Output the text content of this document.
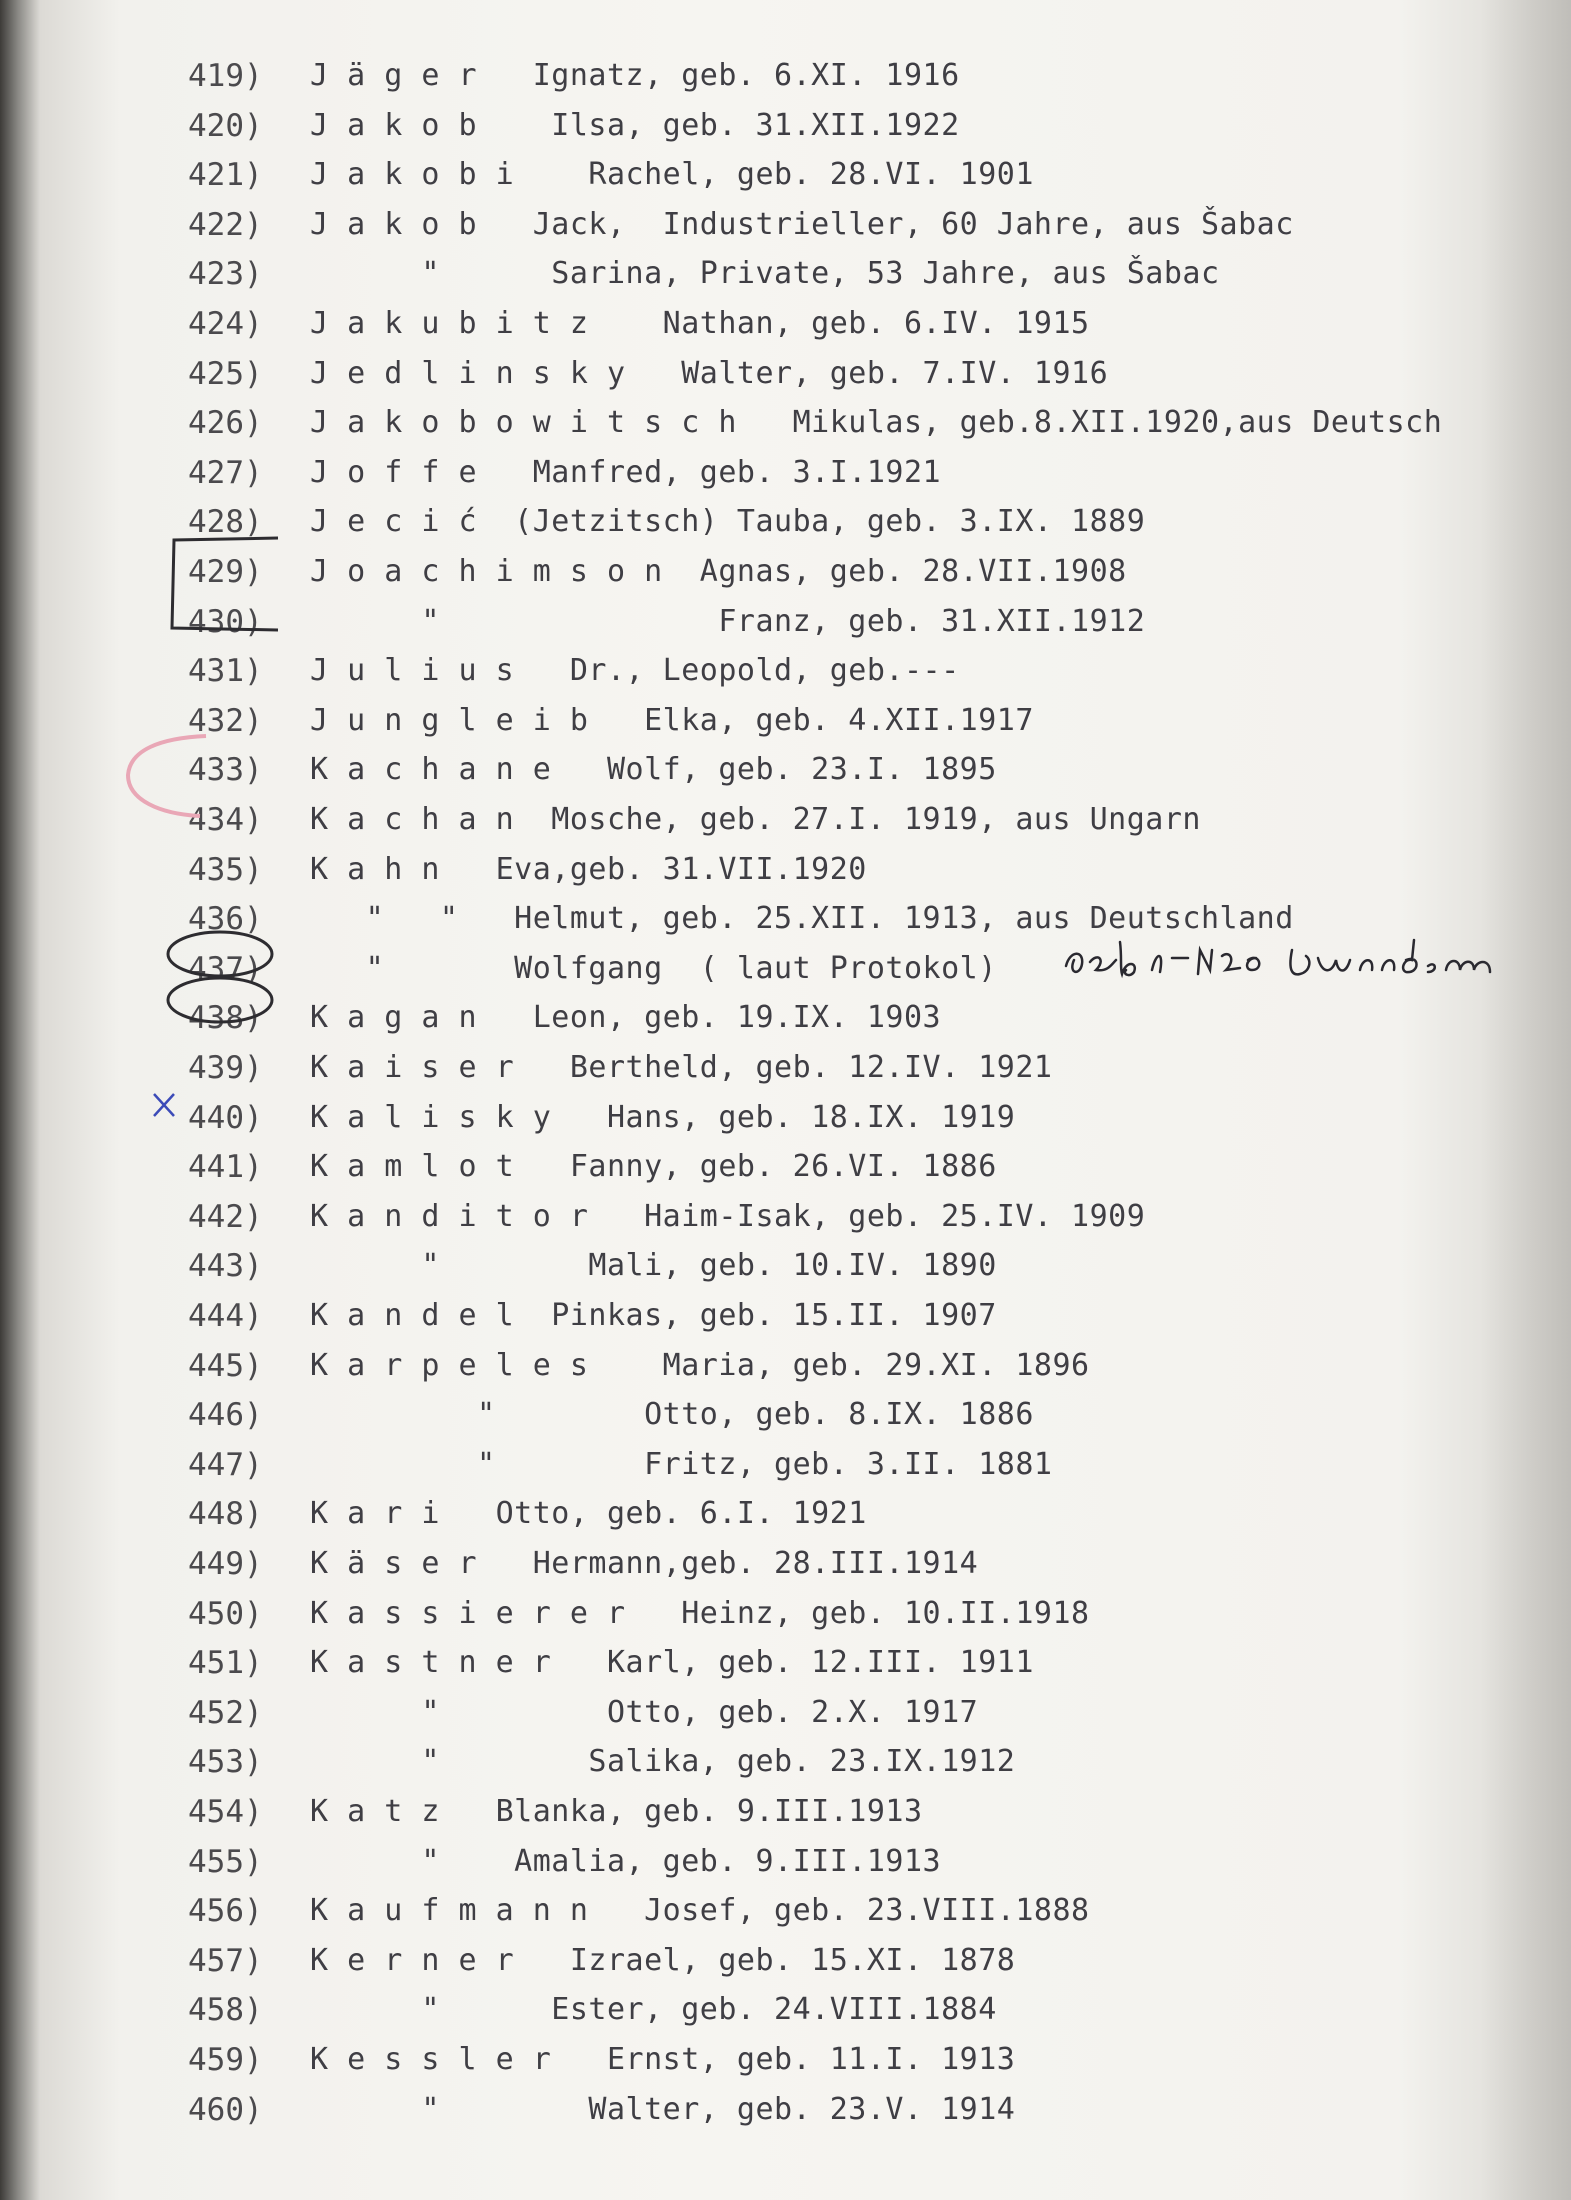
419) J ä g e r   Ignatz, geb. 6.XI. 1916
420) J a k o b    Ilsa, geb. 31.XII.1922
421) J a k o b i    Rachel, geb. 28.VI. 1901
422) J a k o b   Jack,  Industrieller, 60 Jahre, aus Šabac
423) "      Sarina, Private, 53 Jahre, aus Šabac
424) J a k u b i t z    Nathan, geb. 6.IV. 1915
425) J e d l i n s k y   Walter, geb. 7.IV. 1916
426) J a k o b o w i t s c h   Mikulas, geb.8.XII.1920,aus Deutsch
427) J o f f e   Manfred, geb. 3.I.1921
428) J e c i ć  (Jetzitsch) Tauba, geb. 3.IX. 1889
429) J o a c h i m s o n  Agnas, geb. 28.VII.1908
430) "               Franz, geb. 31.XII.1912
431) J u l i u s   Dr., Leopold, geb.---
432) J u n g l e i b   Elka, geb. 4.XII.1917
433) K a c h a n e   Wolf, geb. 23.I. 1895
434) K a c h a n  Mosche, geb. 27.I. 1919, aus Ungarn
435) K a h n   Eva,geb. 31.VII.1920
436) "   "   Helmut, geb. 25.XII. 1913, aus Deutschland
437) "       Wolfgang  ( laut Protokol)
438) K a g a n   Leon, geb. 19.IX. 1903
439) K a i s e r   Bertheld, geb. 12.IV. 1921
440) K a l i s k y   Hans, geb. 18.IX. 1919
441) K a m l o t   Fanny, geb. 26.VI. 1886
442) K a n d i t o r   Haim-Isak, geb. 25.IV. 1909
443) "        Mali, geb. 10.IV. 1890
444) K a n d e l  Pinkas, geb. 15.II. 1907
445) K a r p e l e s    Maria, geb. 29.XI. 1896
446) "        Otto, geb. 8.IX. 1886
447) "        Fritz, geb. 3.II. 1881
448) K a r i   Otto, geb. 6.I. 1921
449) K ä s e r   Hermann,geb. 28.III.1914
450) K a s s i e r e r   Heinz, geb. 10.II.1918
451) K a s t n e r   Karl, geb. 12.III. 1911
452) "         Otto, geb. 2.X. 1917
453) "        Salika, geb. 23.IX.1912
454) K a t z   Blanka, geb. 9.III.1913
455) "    Amalia, geb. 9.III.1913
456) K a u f m a n n   Josef, geb. 23.VIII.1888
457) K e r n e r   Izrael, geb. 15.XI. 1878
458) "      Ester, geb. 24.VIII.1884
459) K e s s l e r   Ernst, geb. 11.I. 1913
460) "        Walter, geb. 23.V. 1914
